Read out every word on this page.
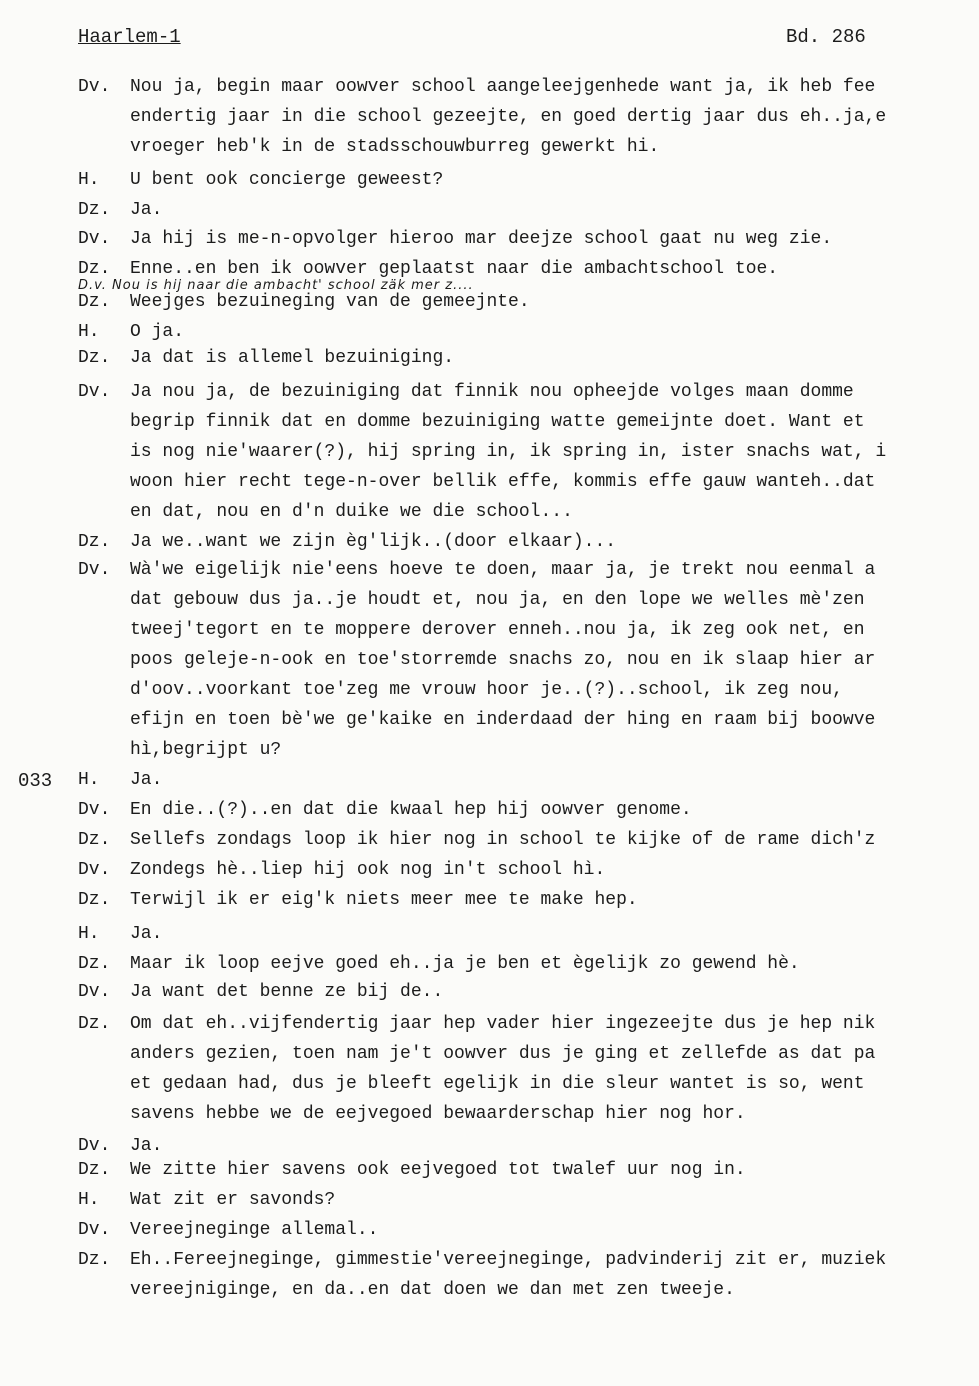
Haarlem-1	Bd. 286
033
D.v. Nou is hij naar die ambacht' school zäk mer z....
Dv.	Nou ja, begin maar oowver school aangeleejgenhede want ja, ik heb fee
endertig jaar in die school gezeejte, en goed dertig jaar dus eh..ja,e
vroeger heb'k in de stadsschouwburreg gewerkt hi.
H.	U bent ook concierge geweest?
Dz.	Ja.
Dv.	Ja hij is me-n-opvolger hieroo mar deejze school gaat nu weg zie.
Dz.	Enne..en ben ik oowver geplaatst naar die ambachtschool toe.
Dz.	Weejges bezuineging van de gemeejnte.
H.	O ja.
Dz.	Ja dat is allemel bezuiniging.
Dv.	Ja nou ja, de bezuiniging dat finnik nou opheejde volges maan domme
begrip finnik dat en domme bezuiniging watte gemeijnte doet. Want et
is nog nie'waarer(?), hij spring in, ik spring in, ister snachs wat, i
woon hier recht tege-n-over bellik effe, kommis effe gauw wanteh..dat
en dat, nou en d'n duike we die school...
Dz.	Ja we..want we zijn èg'lijk..(door elkaar)...
Dv.	Wà'we eigelijk nie'eens hoeve te doen, maar ja, je trekt nou eenmal a
dat gebouw dus ja..je houdt et, nou ja, en den lope we welles mè'zen
tweej'tegort en te moppere derover enneh..nou ja, ik zeg ook net, en
poos geleje-n-ook en toe'storremde snachs zo, nou en ik slaap hier ar
d'oov..voorkant toe'zeg me vrouw hoor je..(?)..school, ik zeg nou,
efijn en toen bè'we ge'kaike en inderdaad der hing en raam bij boowve
hì,begrijpt u?
H.	Ja.
Dv.	En die..(?)..en dat die kwaal hep hij oowver genome.
Dz.	Sellefs zondags loop ik hier nog in school te kijke of de rame dich'z
Dv.	Zondegs hè..liep hij ook nog in't school hì.
Dz.	Terwijl ik er eig'k niets meer mee te make hep.
H.	Ja.
Dz.	Maar ik loop eejve goed eh..ja je ben et ègelijk zo gewend hè.
Dv.	Ja want det benne ze bij de..
Dz.	Om dat eh..vijfendertig jaar hep vader hier ingezeejte dus je hep nik
anders gezien, toen nam je't oowver dus je ging et zellefde as dat pa
et gedaan had, dus je bleeft egelijk in die sleur wantet is so, went
savens hebbe we de eejvegoed bewaarderschap hier nog hor.
Dv.	Ja.
Dz.	We zitte hier savens ook eejvegoed tot twalef uur nog in.
H.	Wat zit er savonds?
Dv.	Vereejneginge allemal..
Dz.	Eh..Fereejneginge, gimmestie'vereejneginge, padvinderij zit er, muziek
vereejniginge, en da..en dat doen we dan met zen tweeje.
